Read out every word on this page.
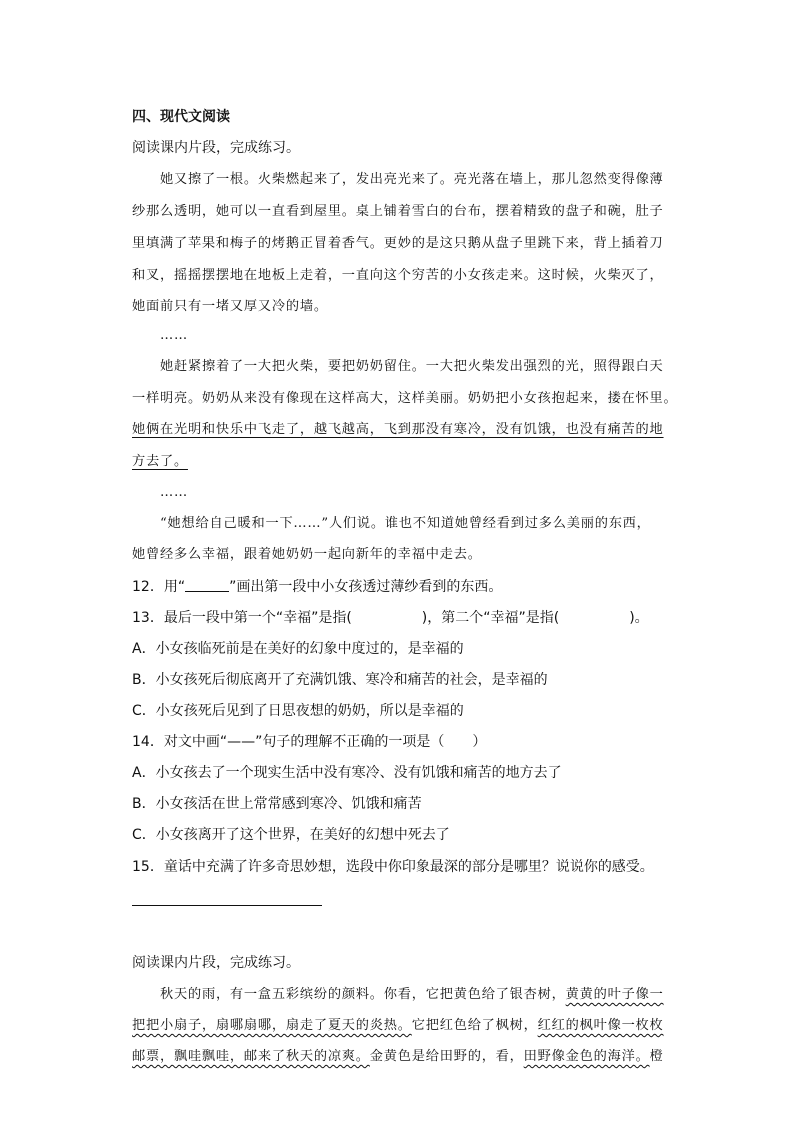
四、现代文阅读
阅读课内片段，完成练习。
她又擦了一根。火柴燃起来了，发出亮光来了。亮光落在墙上，那儿忽然变得像薄
纱那么透明，她可以一直看到屋里。桌上铺着雪白的台布，摆着精致的盘子和碗，肚子
里填满了苹果和梅子的烤鹅正冒着香气。更妙的是这只鹅从盘子里跳下来，背上插着刀
和叉，摇摇摆摆地在地板上走着，一直向这个穷苦的小女孩走来。这时候，火柴灭了，
她面前只有一堵又厚又冷的墙。
……
她赶紧擦着了一大把火柴，要把奶奶留住。一大把火柴发出强烈的光，照得跟白天
一样明亮。奶奶从来没有像现在这样高大，这样美丽。奶奶把小女孩抱起来，搂在怀里。
她俩在光明和快乐中飞走了，越飞越高，飞到那没有寒冷，没有饥饿，也没有痛苦的地
方去了。
……
“她想给自己暖和一下……”人们说。谁也不知道她曾经看到过多么美丽的东西，
她曾经多么幸福，跟着她奶奶一起向新年的幸福中走去。
12．用“	”画出第一段中小女孩透过薄纱看到的东西。
13．最后一段中第一个“幸福”是指(　　　　　)，第二个“幸福”是指(　　　　　)。
A．小女孩临死前是在美好的幻象中度过的，是幸福的
B．小女孩死后彻底离开了充满饥饿、寒冷和痛苦的社会，是幸福的
C．小女孩死后见到了日思夜想的奶奶，所以是幸福的
14．对文中画“——”句子的理解不正确的一项是（　　）
A．小女孩去了一个现实生活中没有寒冷、没有饥饿和痛苦的地方去了
B．小女孩活在世上常常感到寒冷、饥饿和痛苦
C．小女孩离开了这个世界，在美好的幻想中死去了
15．童话中充满了许多奇思妙想，选段中你印象最深的部分是哪里？说说你的感受。
阅读课内片段，完成练习。
秋天的雨，有一盒五彩缤纷的颜料。你看，它把黄色给了银杏树，黄黄的叶子像一
把把小扇子，扇哪扇哪，扇走了夏天的炎热。它把红色给了枫树，红红的枫叶像一枚枚
邮票，飘哇飘哇，邮来了秋天的凉爽。金黄色是给田野的，看，田野像金色的海洋。橙
